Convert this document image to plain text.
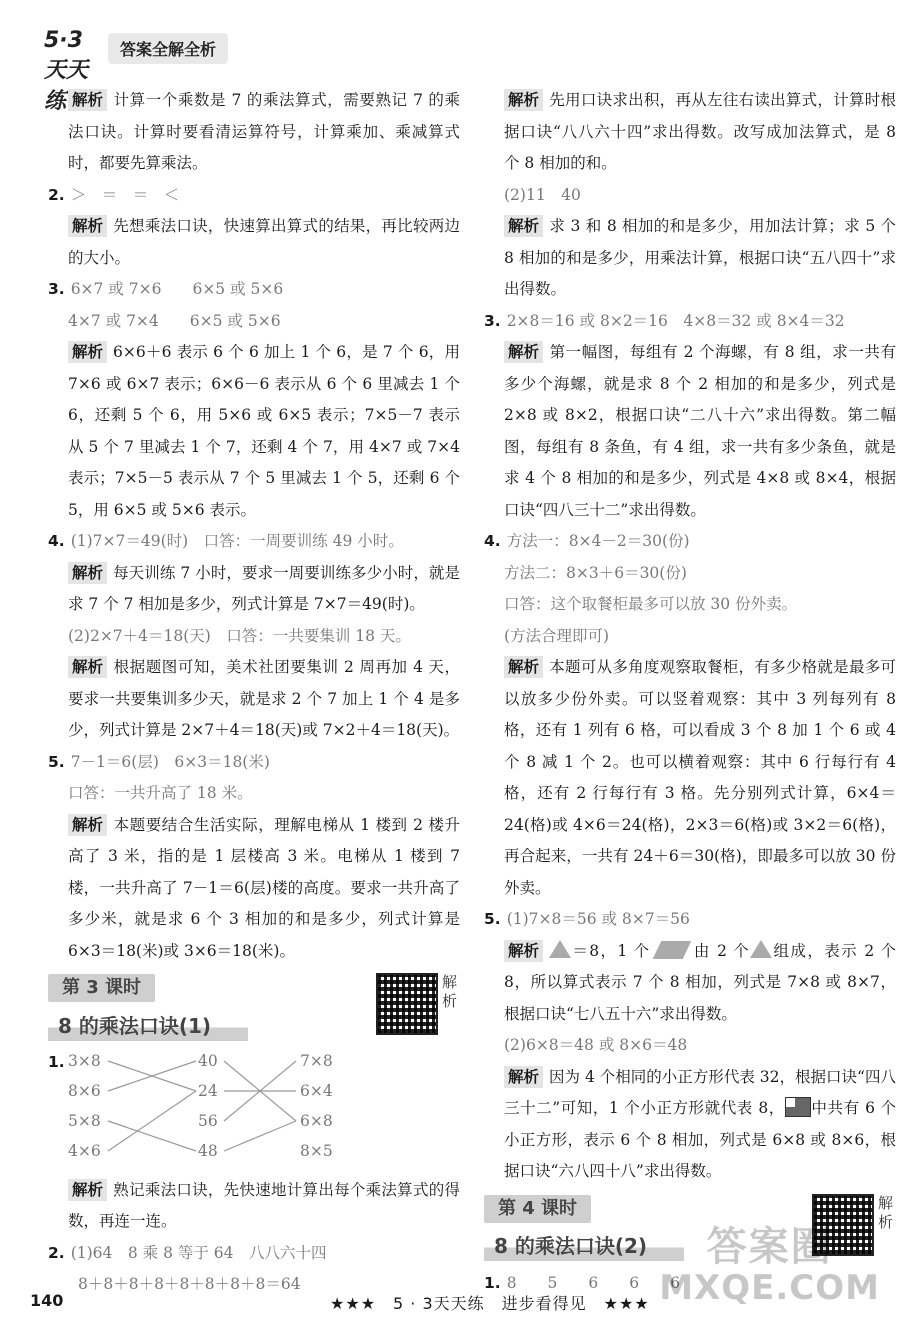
5·3天天练
答案全解全析

解析 计算一个乘数是 7 的乘法算式，需要熟记 7 的乘法口诀。计算时要看清运算符号，计算乘加、乘减算式时，都要先算乘法。

2. ＞　＝　＝　＜

解析 先想乘法口诀，快速算出算式的结果，再比较两边的大小。

3. 6×7 或 7×6　　6×5 或 5×6

4×7 或 7×4　　6×5 或 5×6

解析 6×6＋6 表示 6 个 6 加上 1 个 6，是 7 个 6，用 7×6 或 6×7 表示；6×6－6 表示从 6 个 6 里减去 1 个 6，还剩 5 个 6，用 5×6 或 6×5 表示；7×5－7 表示从 5 个 7 里减去 1 个 7，还剩 4 个 7，用 4×7 或 7×4 表示；7×5－5 表示从 7 个 5 里减去 1 个 5，还剩 6 个 5，用 6×5 或 5×6 表示。

4. (1)7×7＝49(时)　口答：一周要训练 49 小时。

解析 每天训练 7 小时，要求一周要训练多少小时，就是求 7 个 7 相加是多少，列式计算是 7×7＝49(时)。

(2)2×7＋4＝18(天)　口答：一共要集训 18 天。

解析 根据题图可知，美术社团要集训 2 周再加 4 天，要求一共要集训多少天，就是求 2 个 7 加上 1 个 4 是多少，列式计算是 2×7＋4＝18(天)或 7×2＋4＝18(天)。

5. 7－1＝6(层)　6×3＝18(米)

口答：一共升高了 18 米。

解析 本题要结合生活实际，理解电梯从 1 楼到 2 楼升高了 3 米，指的是 1 层楼高 3 米。电梯从 1 楼到 7 楼，一共升高了 7－1＝6(层)楼的高度。要求一共升高了多少米，就是求 6 个 3 相加的和是多少，列式计算是 6×3＝18(米)或 3×6＝18(米)。

第 3 课时
8 的乘法口诀(1)
解析

1. 3×8
8×6
5×8
4×6
40
24
56
48
7×8
6×4
6×8
8×5

解析 熟记乘法口诀，先快速地计算出每个乘法算式的得数，再连一连。

2. (1)64　8 乘 8 等于 64　八八六十四

8＋8＋8＋8＋8＋8＋8＋8＝64

解析 先用口诀求出积，再从左往右读出算式，计算时根据口诀“八八六十四”求出得数。改写成加法算式，是 8 个 8 相加的和。

(2)11　40

解析 求 3 和 8 相加的和是多少，用加法计算；求 5 个 8 相加的和是多少，用乘法计算，根据口诀“五八四十”求出得数。

3. 2×8＝16 或 8×2＝16　4×8＝32 或 8×4＝32

解析 第一幅图，每组有 2 个海螺，有 8 组，求一共有多少个海螺，就是求 8 个 2 相加的和是多少，列式是 2×8 或 8×2，根据口诀“二八十六”求出得数。第二幅图，每组有 8 条鱼，有 4 组，求一共有多少条鱼，就是求 4 个 8 相加的和是多少，列式是 4×8 或 8×4，根据口诀“四八三十二”求出得数。

4. 方法一：8×4－2＝30(份)

方法二：8×3＋6＝30(份)

口答：这个取餐柜最多可以放 30 份外卖。

(方法合理即可)

解析 本题可从多角度观察取餐柜，有多少格就是最多可以放多少份外卖。可以竖着观察：其中 3 列每列有 8 格，还有 1 列有 6 格，可以看成 3 个 8 加 1 个 6 或 4 个 8 减 1 个 2。也可以横着观察：其中 6 行每行有 4 格，还有 2 行每行有 3 格。先分别列式计算，6×4＝24(格)或 4×6＝24(格)，2×3＝6(格)或 3×2＝6(格)，再合起来，一共有 24＋6＝30(格)，即最多可以放 30 份外卖。

5. (1)7×8＝56 或 8×7＝56

解析 ＝8，1 个	由 2 个 组成，表示 2 个 8，所以算式表示 7 个 8 相加，列式是 7×8 或 8×7，根据口诀“七八五十六”求出得数。

(2)6×8＝48 或 8×6＝48

解析 因为 4 个相同的小正方形代表 32，根据口诀“四八三十二”可知，1 个小正方形就代表 8， 中共有 6 个小正方形，表示 6 个 8 相加，列式是 6×8 或 8×6，根据口诀“六八四十八”求出得数。

第 4 课时
8 的乘法口诀(2)
解析

1. 8　　5　　6　　6　　6

答案圈
MXQE.COM
140	★★★　5 · 3天天练　进步看得见　★★★
